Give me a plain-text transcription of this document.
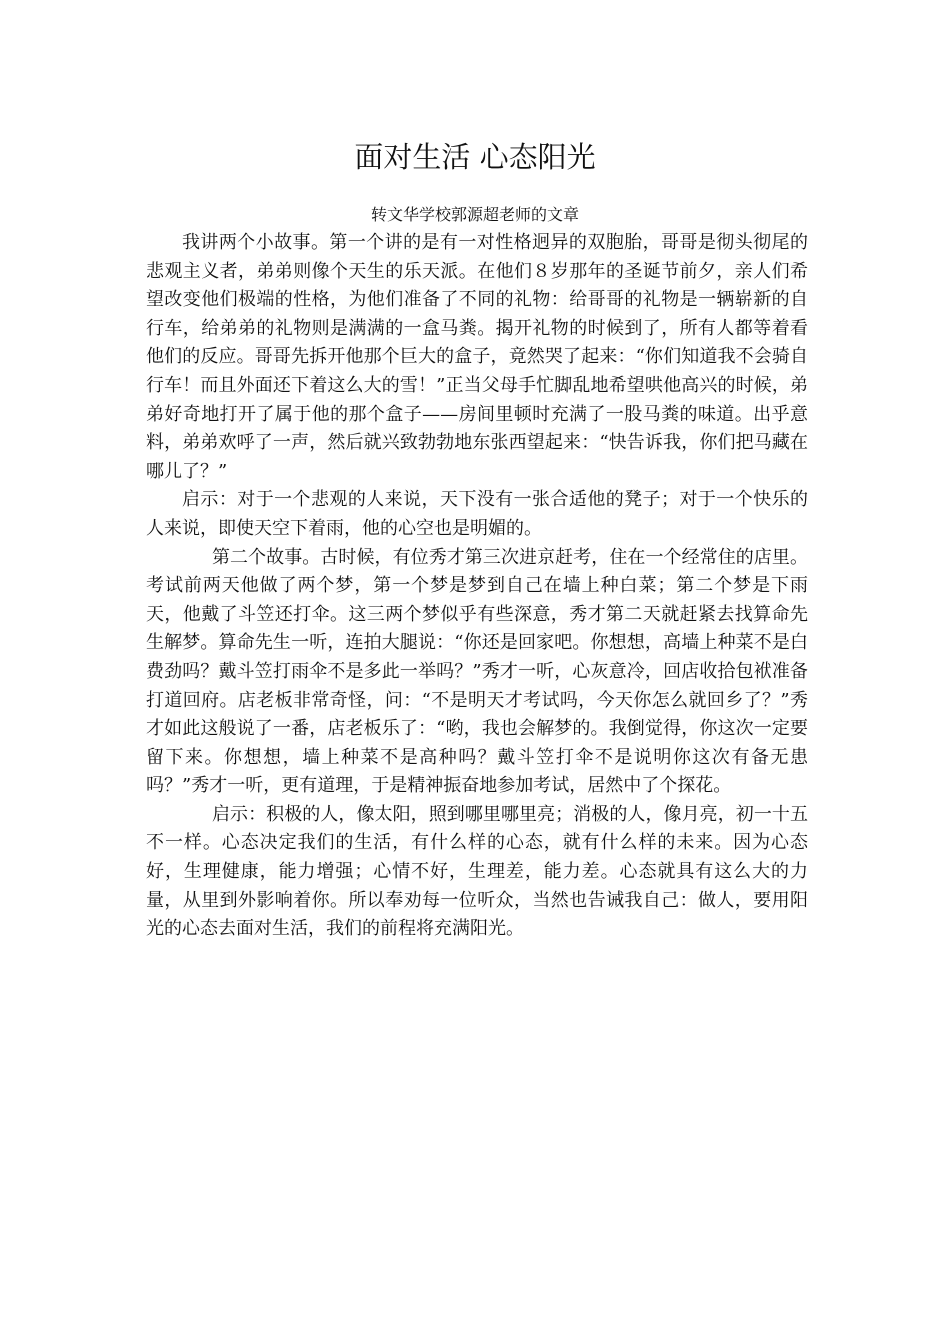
面对生活 心态阳光
转文华学校郭源超老师的文章

我讲两个小故事。第一个讲的是有一对性格迥异的双胞胎，哥哥是彻头彻尾的悲观主义者，弟弟则像个天生的乐天派。在他们８岁那年的圣诞节前夕，亲人们希望改变他们极端的性格，为他们准备了不同的礼物：给哥哥的礼物是一辆崭新的自行车，给弟弟的礼物则是满满的一盒马粪。揭开礼物的时候到了，所有人都等着看他们的反应。哥哥先拆开他那个巨大的盒子，竟然哭了起来：“你们知道我不会骑自行车！而且外面还下着这么大的雪！”正当父母手忙脚乱地希望哄他高兴的时候，弟弟好奇地打开了属于他的那个盒子——房间里顿时充满了一股马粪的味道。出乎意料，弟弟欢呼了一声，然后就兴致勃勃地东张西望起来：“快告诉我，你们把马藏在哪儿了？”

启示：对于一个悲观的人来说，天下没有一张合适他的凳子；对于一个快乐的人来说，即使天空下着雨，他的心空也是明媚的。

第二个故事。古时候，有位秀才第三次进京赶考，住在一个经常住的店里。考试前两天他做了两个梦，第一个梦是梦到自己在墙上种白菜；第二个梦是下雨天，他戴了斗笠还打伞。这三两个梦似乎有些深意，秀才第二天就赶紧去找算命先生解梦。算命先生一听，连拍大腿说：“你还是回家吧。你想想，高墙上种菜不是白费劲吗？戴斗笠打雨伞不是多此一举吗？”秀才一听，心灰意冷，回店收拾包袱准备打道回府。店老板非常奇怪，问：“不是明天才考试吗，今天你怎么就回乡了？”秀才如此这般说了一番，店老板乐了：“哟，我也会解梦的。我倒觉得，你这次一定要留下来。你想想，墙上种菜不是高种吗？戴斗笠打伞不是说明你这次有备无患吗？”秀才一听，更有道理，于是精神振奋地参加考试，居然中了个探花。

启示：积极的人，像太阳，照到哪里哪里亮；消极的人，像月亮，初一十五不一样。心态决定我们的生活，有什么样的心态，就有什么样的未来。因为心态好，生理健康，能力增强；心情不好，生理差，能力差。心态就具有这么大的力量，从里到外影响着你。所以奉劝每一位听众，当然也告诫我自己：做人，要用阳光的心态去面对生活，我们的前程将充满阳光。
